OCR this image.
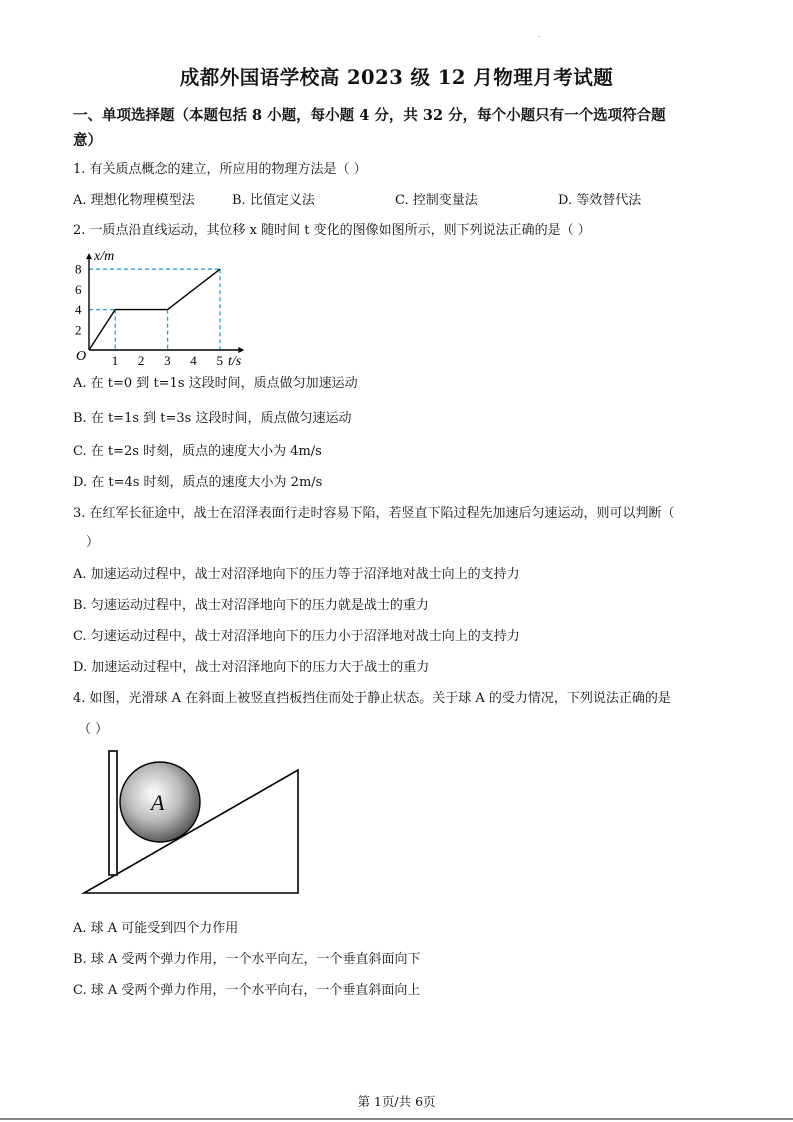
.
成都外国语学校高 2023 级 12 月物理月考试题
一、单项选择题（本题包括 8 小题，每小题 4 分，共 32 分，每个小题只有一个选项符合题
意）
1. 有关质点概念的建立，所应用的物理方法是（ ）
A. 理想化物理模型法	B. 比值定义法	C. 控制变量法	D. 等效替代法
2. 一质点沿直线运动，其位移 x 随时间 t 变化的图像如图所示，则下列说法正确的是（ ）
1 2 3 4 5
2
4
6
8
x/m
t/s
O
A. 在 t=0 到 t=1s 这段时间，质点做匀加速运动
B. 在 t=1s 到 t=3s 这段时间，质点做匀速运动
C. 在 t=2s 时刻，质点的速度大小为 4m/s
D. 在 t=4s 时刻，质点的速度大小为 2m/s
3. 在红军长征途中，战士在沼泽表面行走时容易下陷，若竖直下陷过程先加速后匀速运动，则可以判断（
）
A. 加速运动过程中，战士对沼泽地向下的压力等于沼泽地对战士向上的支持力
B. 匀速运动过程中，战士对沼泽地向下的压力就是战士的重力
C. 匀速运动过程中，战士对沼泽地向下的压力小于沼泽地对战士向上的支持力
D. 加速运动过程中，战士对沼泽地向下的压力大于战士的重力
4. 如图，光滑球 A 在斜面上被竖直挡板挡住而处于静止状态。关于球 A 的受力情况，下列说法正确的是
（ ）
A
A. 球 A 可能受到四个力作用
B. 球 A 受两个弹力作用，一个水平向左，一个垂直斜面向下
C. 球 A 受两个弹力作用，一个水平向右，一个垂直斜面向上
第 1页/共 6页
